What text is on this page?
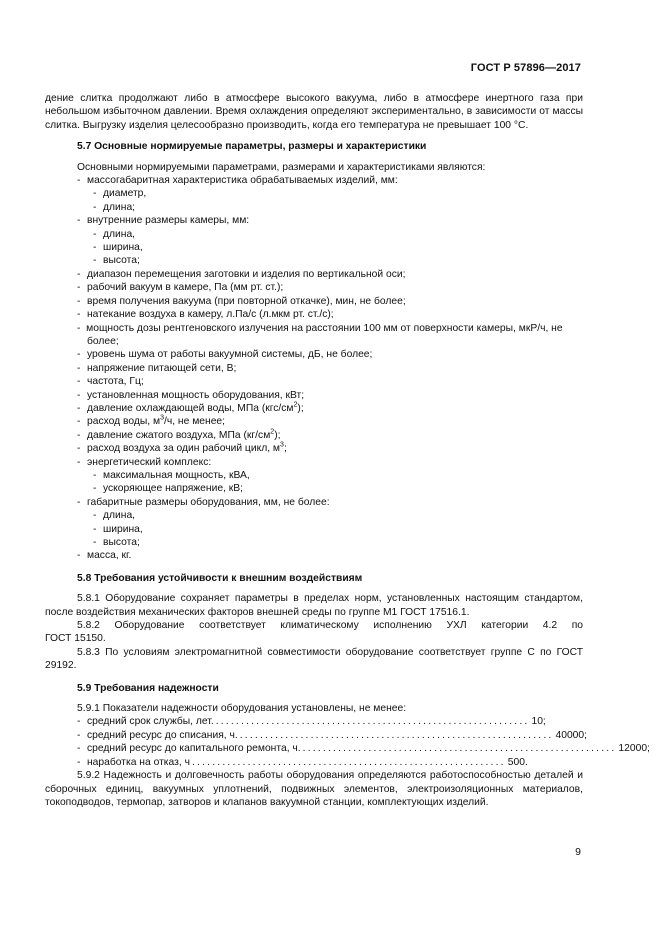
ГОСТ Р 57896—2017

дение слитка продолжают либо в атмосфере высокого вакуума, либо в атмосфере инертного газа при небольшом избыточном давлении. Время охлаждения определяют экспериментально, в зависимости от массы слитка. Выгрузку изделия целесообразно производить, когда его температура не превышает 100 °С.

5.7 Основные нормируемые параметры, размеры и характеристики

Основными нормируемыми параметрами, размерами и характеристиками являются:

- массогабаритная характеристика обрабатываемых изделий, мм:

- диаметр,

- длина;

- внутренние размеры камеры, мм:

- длина,

- ширина,

- высота;

- диапазон перемещения заготовки и изделия по вертикальной оси;

- рабочий вакуум в камере, Па (мм рт. ст.);

- время получения вакуума (при повторной откачке), мин, не более;

- натекание воздуха в камеру, л.Па/с (л.мкм рт. ст./с);

-  мощность дозы рентгеновского излучения на расстоянии 100 мм от поверхности камеры, мкР/ч, не более;

- уровень шума от работы вакуумной системы, дБ, не более;

- напряжение питающей сети, В;

- частота, Гц;

- установленная мощность оборудования, кВт;

- давление охлаждающей воды, МПа $(кгс/см^2)$;

- расход воды, $м^3/ч$, не менее;

- давление сжатого воздуха, МПа $(кг/см^2)$;

- расход воздуха за один рабочий цикл, $м^3$;

- энергетический комплекс:

- максимальная мощность, кВА,

- ускоряющее напряжение, кВ;

- габаритные размеры оборудования, мм, не более:

- длина,

- ширина,

- высота;

- масса, кг.

5.8 Требования устойчивости к внешним воздействиям

5.8.1 Оборудование сохраняет параметры в пределах норм, установленных настоящим стандартом, после воздействия механических факторов внешней среды по группе М1 ГОСТ 17516.1.

5.8.2 Оборудование соответствует климатическому исполнению УХЛ категории 4.2 по

ГОСТ 15150.

5.8.3 По условиям электромагнитной совместимости оборудование соответствует группе С по ГОСТ 29192.

5.9 Требования надежности

5.9.1 Показатели надежности оборудования установлены, не менее:

- средний срок службы, лет. .............................................................. 10;
- средний ресурс до списания, ч. .............................................................. 40000;
- средний ресурс до капитального ремонта, ч. .............................................................. 12000;
- наработка на отказ, ч .............................................................. 500.

5.9.2 Надежность и долговечность работы оборудования определяются работоспособностью деталей и сборочных единиц, вакуумных уплотнений, подвижных элементов, электроизоляционных материалов, токоподводов, термопар, затворов и клапанов вакуумной станции, комплектующих изделий.

9
